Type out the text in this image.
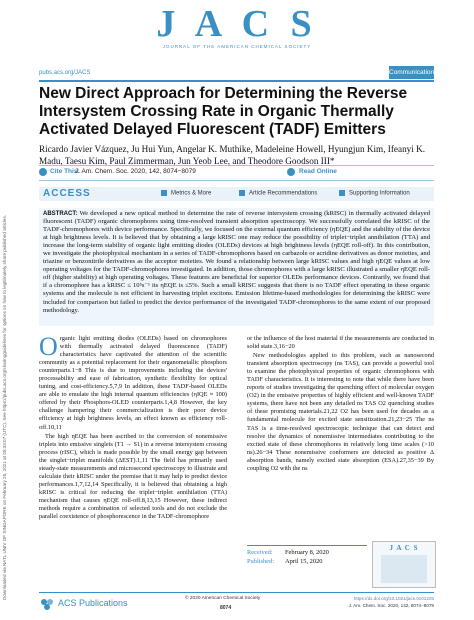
J A C S
JOURNAL OF THE AMERICAN CHEMICAL SOCIETY
pubs.acs.org/JACS	Communication
Downloaded via NATL UNIV OF SINGAPORE on February 26, 2021 at 05:33:07 (UTC). See https://pubs.acs.org/sharingguidelines for options on how to legitimately share published articles.
New Direct Approach for Determining the Reverse Intersystem Crossing Rate in Organic Thermally Activated Delayed Fluorescent (TADF) Emitters
Ricardo Javier Vázquez, Ju Hui Yun, Angelar K. Muthike, Madeleine Howell, Hyungjun Kim, Ifeanyi K. Madu, Taesu Kim, Paul Zimmerman, Jun Yeob Lee, and Theodore Goodson III*
Cite This:
J. Am. Chem. Soc. 2020, 142, 8074−8079	Read Online
ACCESS	Metrics & More	Article Recommendations	Supporting Information
ABSTRACT: We developed a new optical method to determine the rate of reverse intersystem crossing (kRISC) in thermally activated delayed fluorescent (TADF) organic chromophores using time-resolved transient absorption spectroscopy. We successfully correlated the kRISC of the TADF-chromophores with device performance. Specifically, we focused on the external quantum efficiency (ηEQE) and the stability of the device at high brightness levels. It is believed that by obtaining a large kRISC one may reduce the possibility of triplet−triplet annihilation (TTA) and increase the long-term stability of organic light emitting diodes (OLEDs) devices at high brightness levels (ηEQE roll-off). In this contribution, we investigate the photophysical mechanism in a series of TADF-chromophores based on carbazole or acridine derivatives as donor moieties, and triazine or benzonitrile derivatives as the acceptor moieties. We found a relationship between large kRISC values and high ηEQE values at low operating voltages for the TADF-chromophores investigated. In addition, those chromophores with a large kRISC illustrated a smaller ηEQE roll-off (higher stability) at high operating voltages. These features are beneficial for superior OLEDs performance devices. Contrarily, we found that if a chromophore has a kRISC ≤ 10⁵s⁻¹ its ηEQE is ≤5%. Such a small kRISC suggests that there is no TADF effect operating in these organic systems and the molecule is not efficient in harvesting triplet excitons. Emission lifetime-based methodologies for determining the kRISC were included for comparison but failed to predict the device performance of the investigated TADF-chromophores to the same extent of our proposed methodology.

Organic light emitting diodes (OLEDs) based on chromophores with thermally activated delayed fluorescence (TADF) characteristics have captivated the attention of the scientific community as a potential replacement for their organometallic phosphors counterparts.1−8 This is due to improvements including the devices' processability and ease of fabrication, synthetic flexibility for optical tuning, and cost-efficiency.5,7,9 In addition, these TADF-based OLEDs are able to emulate the high internal quantum efficiencies (ηIQE ≈ 100) offered by their Phosphors-OLED counterparts.1,4,8 However, the key challenge hampering their commercialization is their poor device efficiency at high brightness levels, an effect known as efficiency roll-off.10,11

The high ηEQE has been ascribed to the conversion of nonemissive triplets into emissive singlets (T1 → S1) in a reverse intersystem crossing process (rISC), which is made possible by the small energy gap between the singlet−triplet manifolds (ΔEST).1,11 The field has primarily used steady-state measurements and microsecond spectroscopy to illustrate and calculate their kRISC under the premise that it may help to predict device performances.1,7,12,14 Specifically, it is believed that obtaining a high kRISC is critical for reducing the triplet−triplet annihilation (TTA) mechanism that causes ηEQE roll-off.8,13,15 However, these indirect methods require a combination of selected tools and do not exclude the parallel coexistence of phosphorescence in the TADF-chromophore

or the influence of the host material if the measurements are conducted in solid state.3,16−20

New methodologies applied to this problem, such as nanosecond transient absorption spectroscopy (ns TAS), can provide a powerful tool to examine the photophysical properties of organic chromophores with TADF characteristics. It is interesting to note that while there have been reports of studies investigating the quenching effect of molecular oxygen (O2) in the emissive properties of highly efficient and well-known TADF systems, there have not been any detailed ns TAS O2 quenching studies of these promising materials.21,22 O2 has been used for decades as a fundamental molecule for excited state sensitization.21,23−25 The ns TAS is a time-resolved spectroscopic technique that can detect and resolve the dynamics of nonemissive intermediates contributing to the excited state of these chromophores in relatively long time scales (>10 ns).26−34 These nonemissive conformers are detected as positive Δ absorption bands, namely excited state absorption (ESA).27,35−39 By coupling O2 with the ns

Received: February 8, 2020
Published: April 15, 2020
J A C S
ACS Publications	© 2020 American Chemical Society
8074
https://dx.doi.org/10.1021/jacs.0c01225
J. Am. Chem. Soc. 2020, 142, 8074−8079
